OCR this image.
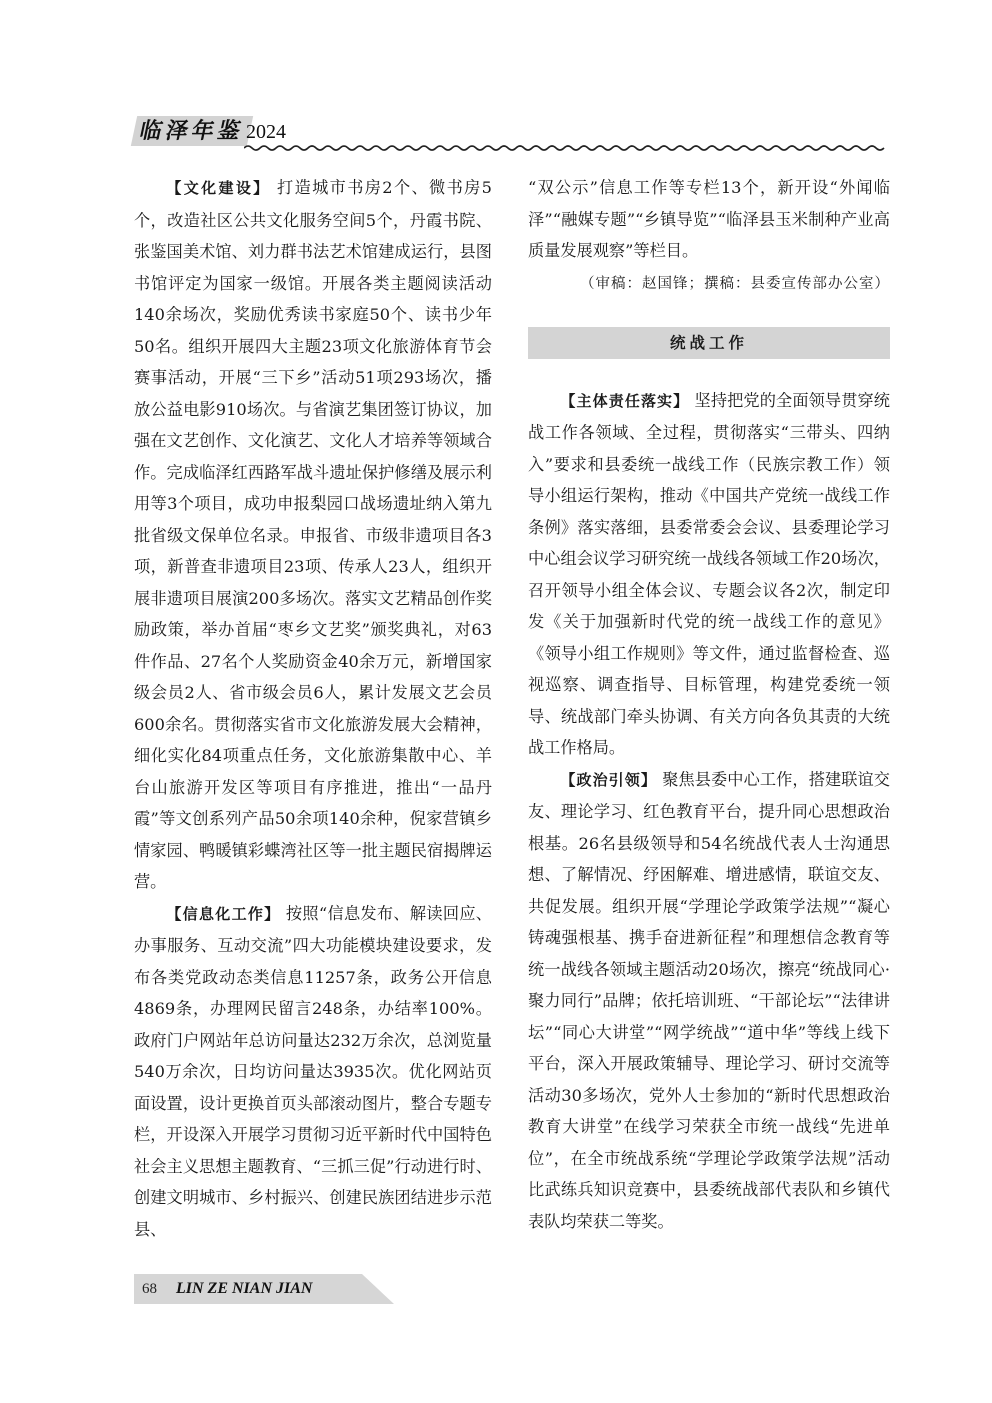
临泽年鉴 2024

【文化建设】 打造城市书房2个、微书房5个，改造社区公共文化服务空间5个，丹霞书院、张鉴国美术馆、刘力群书法艺术馆建成运行，县图书馆评定为国家一级馆。开展各类主题阅读活动140余场次，奖励优秀读书家庭50个、读书少年50名。组织开展四大主题23项文化旅游体育节会赛事活动，开展“三下乡”活动51项293场次，播放公益电影910场次。与省演艺集团签订协议，加强在文艺创作、文化演艺、文化人才培养等领域合作。完成临泽红西路军战斗遗址保护修缮及展示利用等3个项目，成功申报梨园口战场遗址纳入第九批省级文保单位名录。申报省、市级非遗项目各3项，新普查非遗项目23项、传承人23人，组织开展非遗项目展演200多场次。落实文艺精品创作奖励政策，举办首届“枣乡文艺奖”颁奖典礼，对63件作品、27名个人奖励资金40余万元，新增国家级会员2人、省市级会员6人，累计发展文艺会员600余名。贯彻落实省市文化旅游发展大会精神，细化实化84项重点任务，文化旅游集散中心、羊台山旅游开发区等项目有序推进，推出“一品丹霞”等文创系列产品50余项140余种，倪家营镇乡情家园、鸭暖镇彩蝶湾社区等一批主题民宿揭牌运营。

【信息化工作】 按照“信息发布、解读回应、办事服务、互动交流”四大功能模块建设要求，发布各类党政动态类信息11257条，政务公开信息4869条，办理网民留言248条，办结率100%。政府门户网站年总访问量达232万余次，总浏览量540万余次，日均访问量达3935次。优化网站页面设置，设计更换首页头部滚动图片，整合专题专栏，开设深入开展学习贯彻习近平新时代中国特色社会主义思想主题教育、“三抓三促”行动进行时、创建文明城市、乡村振兴、创建民族团结进步示范县、

“双公示”信息工作等专栏13个，新开设“外闻临泽”“融媒专题”“乡镇导览”“临泽县玉米制种产业高质量发展观察”等栏目。

（审稿：赵国锋；撰稿：县委宣传部办公室）
统战工作

【主体责任落实】 坚持把党的全面领导贯穿统战工作各领域、全过程，贯彻落实“三带头、四纳入”要求和县委统一战线工作（民族宗教工作）领导小组运行架构，推动《中国共产党统一战线工作条例》落实落细，县委常委会会议、县委理论学习中心组会议学习研究统一战线各领域工作20场次，召开领导小组全体会议、专题会议各2次，制定印发《关于加强新时代党的统一战线工作的意见》《领导小组工作规则》等文件，通过监督检查、巡视巡察、调查指导、目标管理，构建党委统一领导、统战部门牵头协调、有关方向各负其责的大统战工作格局。

【政治引领】 聚焦县委中心工作，搭建联谊交友、理论学习、红色教育平台，提升同心思想政治根基。26名县级领导和54名统战代表人士沟通思想、了解情况、纾困解难、增进感情，联谊交友、共促发展。组织开展“学理论学政策学法规”“凝心铸魂强根基、携手奋进新征程”和理想信念教育等统一战线各领域主题活动20场次，擦亮“统战同心·聚力同行”品牌；依托培训班、“干部论坛”“法律讲坛”“同心大讲堂”“网学统战”“道中华”等线上线下平台，深入开展政策辅导、理论学习、研讨交流等活动30多场次，党外人士参加的“新时代思想政治教育大讲堂”在线学习荣获全市统一战线“先进单位”，在全市统战系统“学理论学政策学法规”活动比武练兵知识竞赛中，县委统战部代表队和乡镇代表队均荣获二等奖。

68 LIN ZE NIAN JIAN
